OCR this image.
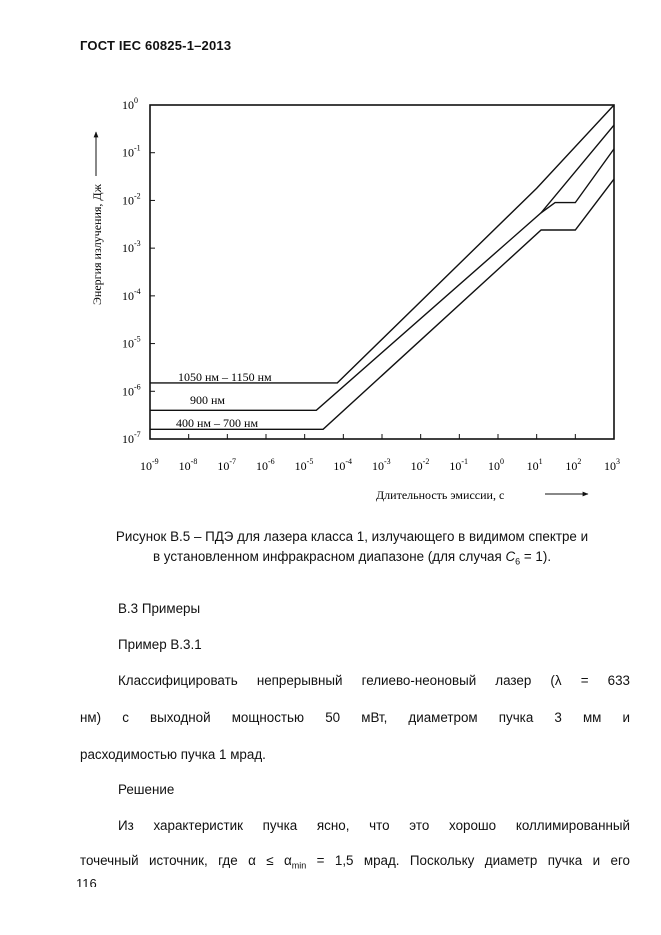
ГОСТ IEC 60825-1–2013
$10^{-9}$ $10^{-8}$ $10^{-7}$ $10^{-6}$ $10^{-5}$ $10^{-4}$ $10^{-3}$ $10^{-2}$ $10^{-1}$ $10^0$ $10^1$ $10^2$ $10^3$
$10^0$
$10^{-1}$
$10^{-2}$
$10^{-3}$
$10^{-4}$
$10^{-5}$
$10^{-6}$
$10^{-7}$
1050 нм – 1150 нм
900 нм
400 нм – 700 нм
Длительность эмиссии, с
Энергия излучения, Дж
Рисунок В.5 – ПДЭ для лазера класса 1, излучающего в видимом спектре и
в установленном инфракрасном диапазоне (для случая $C_6 = 1$).
В.3 Примеры
Пример В.3.1
Классифицировать непрерывный гелиево-неоновый лазер (λ = 633
нм) с выходной мощностью 50 мВт, диаметром пучка 3 мм и
расходимостью пучка 1 мрад.
Решение
Из характеристик пучка ясно, что это хорошо коллимированный
точечный источник, где $\alpha \le \alpha_{min} = 1,5$ мрад. Поскольку диаметр пучка и его
116
